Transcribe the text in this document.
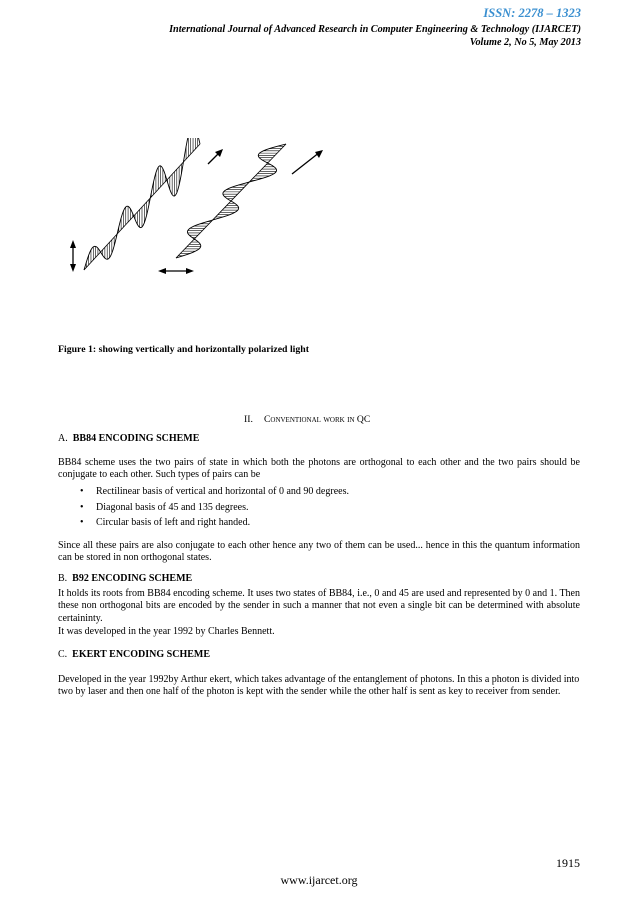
ISSN: 2278 – 1323
International Journal of Advanced Research in Computer Engineering & Technology (IJARCET)
Volume 2, No 5, May 2013
Figure 1: showing vertically and horizontally polarized light
II. Conventional work in QC
A. BB84 ENCODING SCHEME
BB84 scheme uses the two pairs of state in which both the photons are orthogonal to each other and the two pairs should be conjugate to each other. Such types of pairs can be
• Rectilinear basis of vertical and horizontal of 0 and 90 degrees.
• Diagonal basis of 45 and 135 degrees.
• Circular basis of left and right handed.
Since all these pairs are also conjugate to each other hence any two of them can be used... hence in this the quantum information can be stored in non orthogonal states.
B. B92 ENCODING SCHEME
It holds its roots from BB84 encoding scheme. It uses two states of BB84, i.e., 0 and 45 are used and represented by 0 and 1. Then these non orthogonal bits are encoded by the sender in such a manner that not even a single bit can be determined with absolute certaininty.
It was developed in the year 1992 by Charles Bennett.
C. EKERT ENCODING SCHEME
Developed in the year 1992by Arthur ekert, which takes advantage of the entanglement of photons. In this a photon is divided into two by laser and then one half of the photon is kept with the sender while the other half is sent as key to receiver from sender.
1915
www.ijarcet.org
